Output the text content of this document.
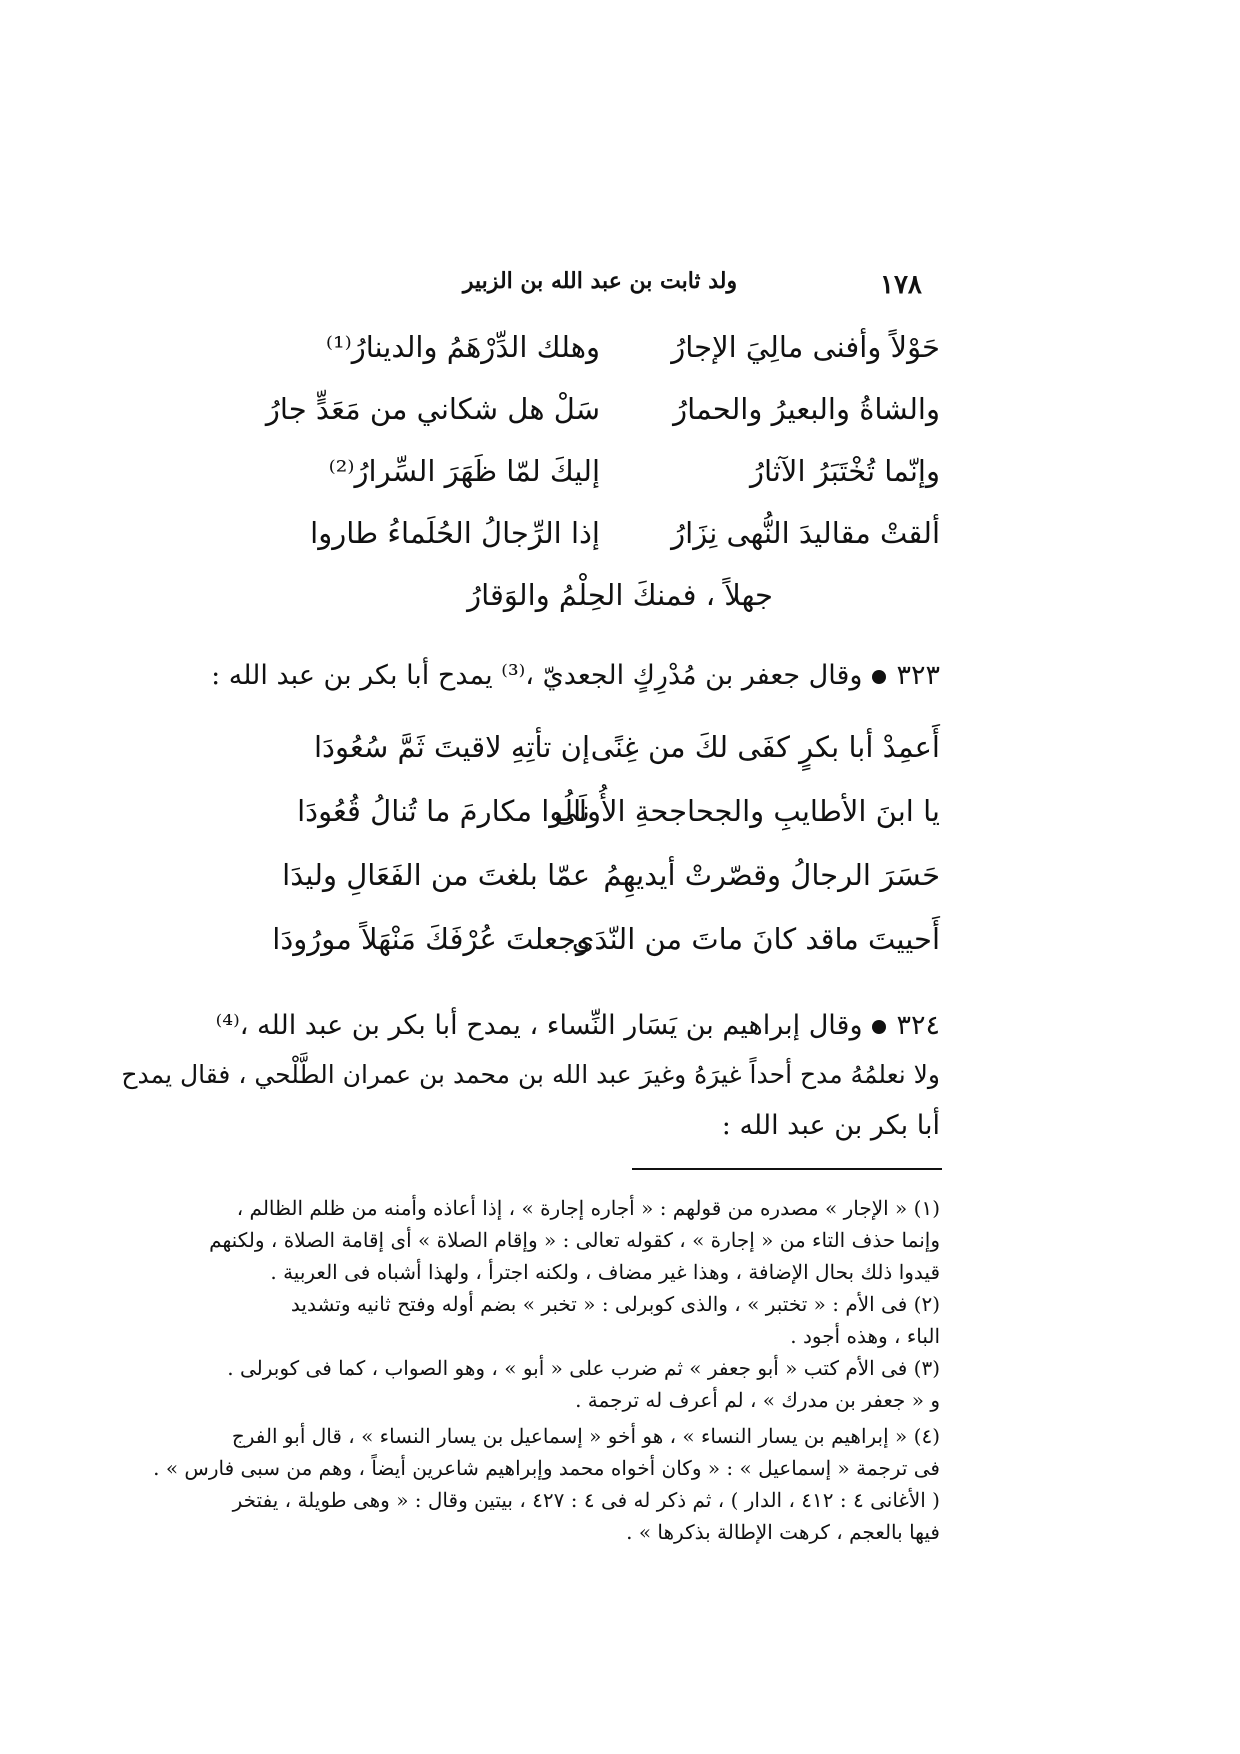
ولد ثابت بن عبد الله بن الزبير	١٧٨
حَوْلاً وأفنى مالِيَ الإجارُ
وهلك الدِّرْهَمُ والدينارُ⁽¹⁾
والشاةُ والبعيرُ والحمارُ
سَلْ هل شكاني من مَعَدٍّ جارُ
وإنّما تُخْتَبَرُ الآثارُ
إليكَ لمّا ظَهَرَ السِّرارُ⁽²⁾
ألقتْ مقاليدَ النُّهى نِزَارُ
إذا الرِّجالُ الحُلَماءُ طاروا
جهلاً ، فمنكَ الحِلْمُ والوَقارُ
٣٢٣وقال جعفر بن مُدْرِكٍ الجعديّ ،⁽³⁾ يمدح أبا بكر بن عبد الله :
أَعمِدْ أبا بكرٍ كفَى لكَ من غِنًى
إن تأتِهِ لاقيتَ ثَمَّ سُعُودَا
يا ابنَ الأطايبِ والجحاجحةِ الأُولَى
نالُوا مكارمَ ما تُنالُ قُعُودَا
حَسَرَ الرجالُ وقصّرتْ أيديهِمُ
عمّا بلغتَ من الفَعَالِ وليدَا
أَحييتَ ماقد كانَ ماتَ من النّدَى
وجعلتَ عُرْفَكَ مَنْهَلاً مورُودَا
٣٢٤وقال إبراهيم بن يَسَار النِّساء ، يمدح أبا بكر بن عبد الله ،⁽⁴⁾
ولا نعلمُهُ مدح أحداً غيرَهُ وغيرَ عبد الله بن محمد بن عمران الطَّلْحي ، فقال يمدح
أبا بكر بن عبد الله :
(١) « الإجار » مصدره من قولهم : « أجاره إجارة » ، إذا أعاذه وأمنه من ظلم الظالم ،
وإنما حذف التاء من « إجارة » ، كقوله تعالى : « وإقام الصلاة » أى إقامة الصلاة ، ولكنهم
قيدوا ذلك بحال الإضافة ، وهذا غير مضاف ، ولكنه اجترأ ، ولهذا أشباه فى العربية .
(٢) فى الأم : « تختبر » ، والذى كوبرلى : « تخبر » بضم أوله وفتح ثانيه وتشديد
الباء ، وهذه أجود .
(٣) فى الأم كتب « أبو جعفر » ثم ضرب على « أبو » ، وهو الصواب ، كما فى كوبرلى .
و « جعفر بن مدرك » ، لم أعرف له ترجمة .
(٤) « إبراهيم بن يسار النساء » ، هو أخو « إسماعيل بن يسار النساء » ، قال أبو الفرج
فى ترجمة « إسماعيل » : « وكان أخواه محمد وإبراهيم شاعرين أيضاً ، وهم من سبى فارس » .
( الأغانى ٤ : ٤١٢ ، الدار ) ، ثم ذكر له فى ٤ : ٤٢٧ ، بيتين وقال : « وهى طويلة ، يفتخر
فيها بالعجم ، كرهت الإطالة بذكرها » .
